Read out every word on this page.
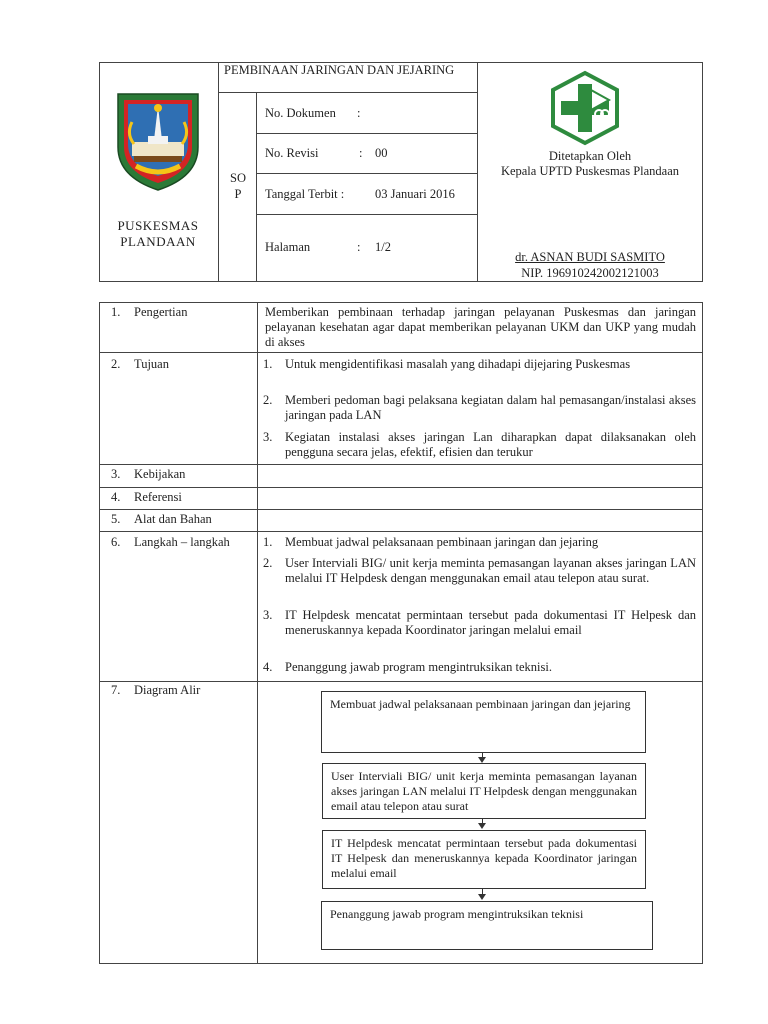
PUSKESMAS PLANDAAN
PEMBINAAN JARINGAN DAN JEJARING
SO P
No. Dokumen :
No. Revisi	: 00
Tanggal Terbit : 03 Januari 2016
Halaman	: 1/2
Ditetapkan Oleh
Kepala UPTD Puskesmas Plandaan
dr. ASNAN BUDI SASMITO
NIP. 196910242002121003
1. Pengertian	Memberikan pembinaan terhadap jaringan pelayanan Puskesmas dan jaringan pelayanan kesehatan agar dapat memberikan pelayanan UKM dan UKP yang mudah di akses
2. Tujuan	1. Untuk mengidentifikasi masalah yang dihadapi dijejaring Puskesmas
2. Memberi pedoman bagi pelaksana kegiatan dalam hal pemasangan/instalasi akses jaringan pada LAN
3. Kegiatan instalasi akses jaringan Lan diharapkan dapat dilaksanakan oleh pengguna secara jelas, efektif, efisien dan terukur
3. Kebijakan
4. Referensi
5. Alat dan Bahan
6. Langkah – langkah	1. Membuat jadwal pelaksanaan pembinaan jaringan dan jejaring
2. User Interviali BIG/ unit kerja meminta pemasangan layanan akses jaringan LAN melalui IT Helpdesk dengan menggunakan email atau telepon atau surat.
3. IT Helpdesk mencatat permintaan tersebut pada dokumentasi IT Helpesk dan meneruskannya kepada Koordinator jaringan melalui email
4. Penanggung jawab program mengintruksikan teknisi.
7. Diagram Alir
Membuat jadwal pelaksanaan pembinaan jaringan dan jejaring
User Interviali BIG/ unit kerja meminta pemasangan layanan akses jaringan LAN melalui IT Helpdesk dengan menggunakan email atau telepon atau surat
IT Helpdesk mencatat permintaan tersebut pada dokumentasi IT Helpesk dan meneruskannya kepada Koordinator jaringan melalui email
Penanggung jawab program mengintruksikan teknisi
